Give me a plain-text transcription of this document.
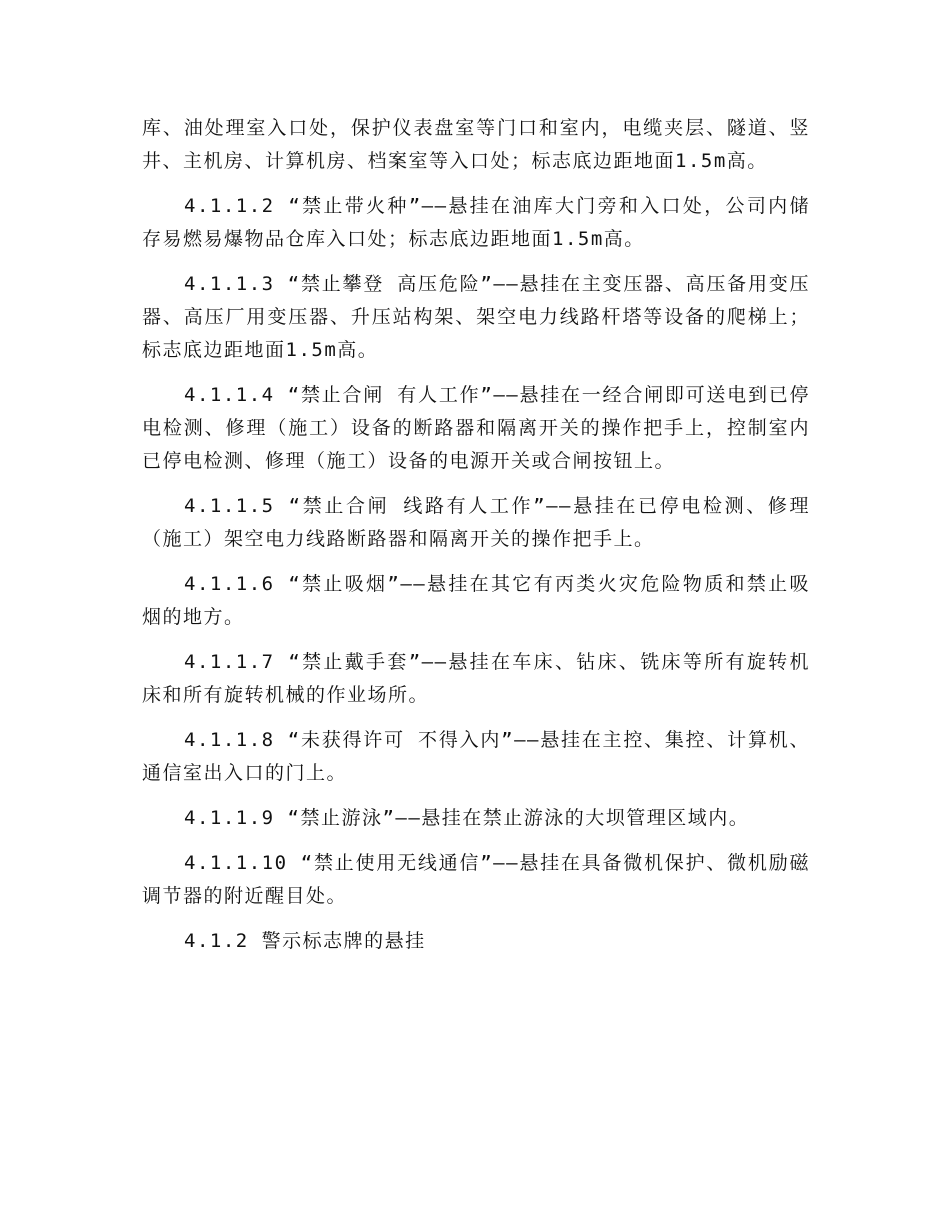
库、油处理室入口处，保护仪表盘室等门口和室内，电缆夹层、隧道、竖井、主机房、计算机房、档案室等入口处；标志底边距地面1.5m高。

4.1.1.2 “禁止带火种”——悬挂在油库大门旁和入口处，公司内储存易燃易爆物品仓库入口处；标志底边距地面1.5m高。

4.1.1.3 “禁止攀登 高压危险”——悬挂在主变压器、高压备用变压器、高压厂用变压器、升压站构架、架空电力线路杆塔等设备的爬梯上；标志底边距地面1.5m高。

4.1.1.4 “禁止合闸 有人工作”——悬挂在一经合闸即可送电到已停电检测、修理（施工）设备的断路器和隔离开关的操作把手上，控制室内已停电检测、修理（施工）设备的电源开关或合闸按钮上。

4.1.1.5 “禁止合闸 线路有人工作”——悬挂在已停电检测、修理（施工）架空电力线路断路器和隔离开关的操作把手上。

4.1.1.6 “禁止吸烟”——悬挂在其它有丙类火灾危险物质和禁止吸烟的地方。

4.1.1.7 “禁止戴手套”——悬挂在车床、钻床、铣床等所有旋转机床和所有旋转机械的作业场所。

4.1.1.8 “未获得许可 不得入内”——悬挂在主控、集控、计算机、通信室出入口的门上。

4.1.1.9 “禁止游泳”——悬挂在禁止游泳的大坝管理区域内。

4.1.1.10 “禁止使用无线通信”——悬挂在具备微机保护、微机励磁调节器的附近醒目处。

4.1.2 警示标志牌的悬挂
